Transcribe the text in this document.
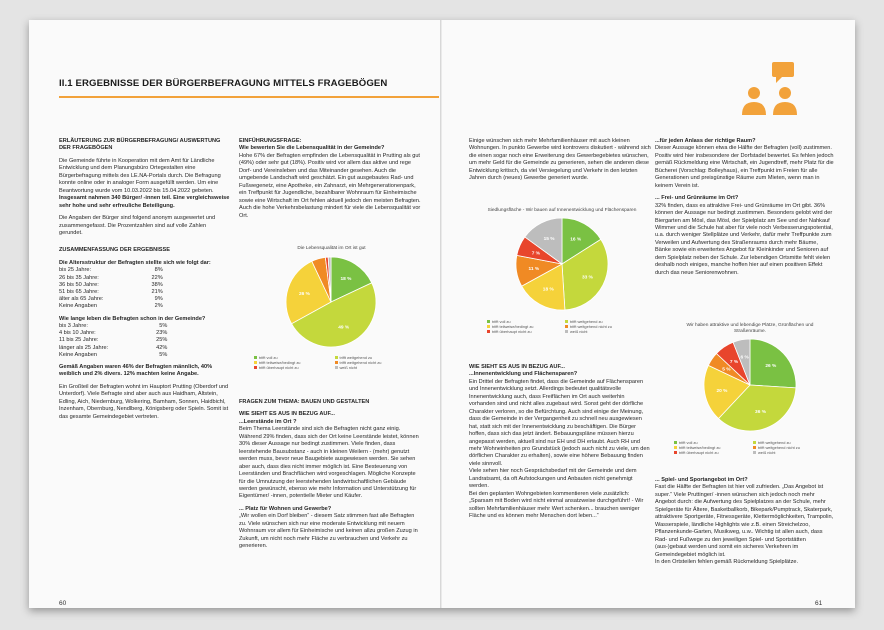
II.1 ERGEBNISSE DER BÜRGERBEFRAGUNG MITTELS FRAGEBÖGEN

ERLÄUTERUNG ZUR BÜRGERBEFRAGUNG/ AUSWERTUNG DER FRAGEBÖGEN

Die Gemeinde führte in Kooperation mit dem Amt für Ländliche Entwicklung und dem Planungsbüro Ortegestalten eine Bürgerbefragung mittels des LE.NA-Portals durch. Die Befragung konnte online oder in analoger Form ausgefüllt werden. Um eine Beantwortung wurde vom 10.03.2022 bis 15.04.2022 gebeten. Insgesamt nahmen 340 Bürger/ -innen teil. Eine vergleichsweise sehr hohe und sehr erfreuliche Beteiligung.

Die Angaben der Bürger sind folgend anonym ausgewertet und zusammengefasst. Die Prozentzahlen sind auf volle Zahlen gerundet.

ZUSAMMENFASSUNG DER ERGEBNISSE

Die Altersstruktur der Befragten stellte sich wie folgt dar:

bis 25 Jahre:	8%
26 bis 35 Jahre:	22%
36 bis 50 Jahre:	38%
51 bis 65 Jahre:	21%
älter als 65 Jahre:	9%
Keine Angaben	2%

Wie lange leben die Befragten schon in der Gemeinde?

bis 3 Jahre:	5%
4 bis 10 Jahre:	23%
11 bis 25 Jahre:	25%
länger als 25 Jahre:	42%
Keine Angaben	5%

Gemäß Angaben waren 46% der Befragten männlich, 40% weiblich und 2% divers. 12% machten keine Angabe.

Ein Großteil der Befragten wohnt im Hauptort Prutting (Oberdorf und Unterdorf). Viele Befragte sind aber auch aus Haidham, Altstein, Edling, Aich, Niedernburg, Wolkering, Bamham, Sonnen, Haidbichl, Inzenham, Obernburg, Nendlberg, Königsberg oder Spieln. Somit ist das gesamte Gemeindegebiet vertreten.

EINFÜHRUNGSFRAGE:

Wie bewerten Sie die Lebensqualität in der Gemeinde?

Hohe 67% der Befragten empfinden die Lebensqualität in Prutting als gut (49%) oder sehr gut (18%). Positiv wird vor allem das aktive und rege Dorf- und Vereinsleben und das Miteinander gesehen. Auch die umgebende Landschaft wird geschätzt. Ein gut ausgebautes Rad- und Fußwegenetz, eine Apotheke, ein Zahnarzt, ein Mehrgenerationenpark, ein Treffpunkt für Jugendliche, bezahlbarer Wohnraum für Einheimische sowie eine Wirtschaft im Ort fehlen aktuell jedoch den meisten Befragten. Auch die hohe Verkehrsbelastung mindert für viele die Lebensqualität vor Ort.

Die Lebensqualität im Ort ist gut
18 %
49 %
26 %
trifft voll zu	trifft weitgehend zu
trifft teilweise/bedingt zu	trifft weitgehend nicht zu
trifft überhaupt nicht zu	weiß nicht

FRAGEN ZUM THEMA: BAUEN UND GESTALTEN

WIE SIEHT ES AUS IN BEZUG AUF...

...Leerstände im Ort ?

Beim Thema Leerstände sind sich die Befragten nicht ganz einig. Während 29% finden, dass sich der Ort keine Leerstände leistet, können 30% dieser Aussage nur bedingt zustimmen. Viele finden, dass leerstehende Bausubstanz - auch in kleinen Weilern - (mehr) genutzt werden muss, bevor neue Baugebiete ausgewiesen werden. Sie sehen aber auch, dass dies nicht immer möglich ist. Eine Besteuerung von Leerständen und Brachflächen wird vorgeschlagen. Mögliche Konzepte für die Umnutzung der leerstehenden landwirtschaftlichen Gebäude werden gewünscht, ebenso wie mehr Information und Unterstützung für Eigentümer/ -innen, potentielle Mieter und Käufer.

... Platz für Wohnen und Gewerbe?

„Wir wollen ein Dorf bleiben“ - diesem Satz stimmen fast alle Befragten zu. Viele wünschen sich nur eine moderate Entwicklung mit neuem Wohnraum vor allem für Einheimische und keinen allzu großen Zuzug in Zukunft, um nicht noch mehr Fläche zu verbrauchen und Verkehr zu generieren.

Einige wünschen sich mehr Mehrfamilienhäuser mit auch kleinen Wohnungen. In punkto Gewerbe wird kontrovers diskutiert - während sich die einen sogar noch eine Erweiterung des Gewerbegebietes wünschen, um mehr Geld für die Gemeinde zu generieren, sehen die anderen diese Entwicklung kritisch, da viel Versiegelung und Verkehr in den letzten Jahren durch (neues) Gewerbe generiert wurde.

Siedlungsfläche - Wir bauen auf Innenentwicklung und Flächensparen
16 %
33 %
18 %
11 %
7 %
15 %
trifft voll zu	trifft weitgehend zu
trifft teilweise/bedingt zu	trifft weitgehend nicht zu
trifft überhaupt nicht zu	weiß nicht

WIE SIEHT ES AUS IN BEZUG AUF...

...Innenentwicklung und Flächensparen?

Ein Drittel der Befragten findet, dass die Gemeinde auf Flächensparen und Innenentwicklung setzt. Allerdings bedeutet qualitätsvolle Innenentwicklung auch, dass Freiflächen im Ort auch weiterhin vorhanden sind und nicht alles zugebaut wird. Sonst geht der dörfliche Charakter verloren, so die Befürchtung. Auch sind einige der Meinung, dass die Gemeinde in der Vergangenheit zu schnell neu ausgewiesen hat, statt sich mit der Innenentwicklung zu beschäftigen. Die Bürger hoffen, dass sich das jetzt ändert. Bebauungspläne müssen hierzu angepasst werden, aktuell sind nur EH und DH erlaubt. Auch RH und mehr Wohneinheiten pro Grundstück (jedoch auch nicht zu viele, um den dörflichen Charakter zu erhalten), sowie eine höhere Bebauung finden viele sinnvoll.

Viele sehen hier noch Gesprächsbedarf mit der Gemeinde und dem Landratsamt, da oft Aufstockungen und Anbauten nicht genehmigt werden.

Bei den geplanten Wohngebieten kommentieren viele zusätzlich: „Sparsam mit Boden wird nicht einmal ansatzweise durchgeführt! - Wir sollten Mehrfamilienhäuser mehr Wert schenken... brauchen weniger Fläche und es können mehr Menschen dort leben...“

...für jeden Anlass der richtige Raum?

Dieser Aussage können etwa die Hälfte der Befragten (voll) zustimmen. Positiv wird hier insbesondere der Dorfstadel bewertet. Es fehlen jedoch gemäß Rückmeldung eine Wirtschaft, ein Jugendtreff, mehr Platz für die Bücherei (Vorschlag: Bolleyhaus), ein Treffpunkt im Freien für alle Generationen und preisgünstige Räume zum Mieten, wenn man in keinem Verein ist.

... Frei- und Grünräume im Ort?

32% finden, dass es attraktive Frei- und Grünräume im Ort gibt. 36% können der Aussage nur bedingt zustimmen. Besonders gelobt wird der Biergarten am Mösl, das Mösl, der Spielplatz am See und der Nahkauf Wimmer und die Schule hat aber für viele noch Verbesserungspotential, u.a. durch weniger Stellplätze und Verkehr, dafür mehr Treffpunkte zum Verweilen und Aufwertung des Straßenraums durch mehr Bäume, Bänke sowie ein erweitertes Angebot für Kleinkinder und Senioren auf dem Spielplatz neben der Schule. Zur lebendigen Ortsmitte fehlt vielen deshalb noch einiges, manche hoffen hier auf einen positiven Effekt durch das neue Seniorenwohnen.

Wir haben attraktive und lebendige Plätze, Grünflächen und Straßenräume.
26 %
36 %
20 %
5 %
7 %
6 %
trifft voll zu	trifft weitgehend zu
trifft teilweise/bedingt zu	trifft weitgehend nicht zu
trifft überhaupt nicht zu	weiß nicht

... Spiel- und Sportangebot im Ort?

Fast die Hälfte der Befragten ist hier voll zufrieden. „Das Angebot ist super.“ Viele Pruttinger/ -innen wünschen sich jedoch noch mehr Angebot durch: die Aufwertung des Spielplatzes an der Schule, mehr Spielgeräte für Ältere, Basketballkorb, Bikepark/Pumptrack, Skaterpark, attraktivere Sportgeräte, Fitnessgeräte, Klettermöglichkeiten, Trampolin, Wasserspiele, ländliche Highlights wie z.B. einen Streichelzoo, Pflanzenkunde-Garten, Musikweg, u.w.. Wichtig ist allen auch, dass Rad- und Fußwege zu den jeweiligen Spiel- und Sportstätten (aus-)gebaut werden und somit ein sicheres Verkehren im Gemeindegebiet möglich ist.

In den Ortsteilen fehlen gemäß Rückmeldung Spielplätze.

60	61
